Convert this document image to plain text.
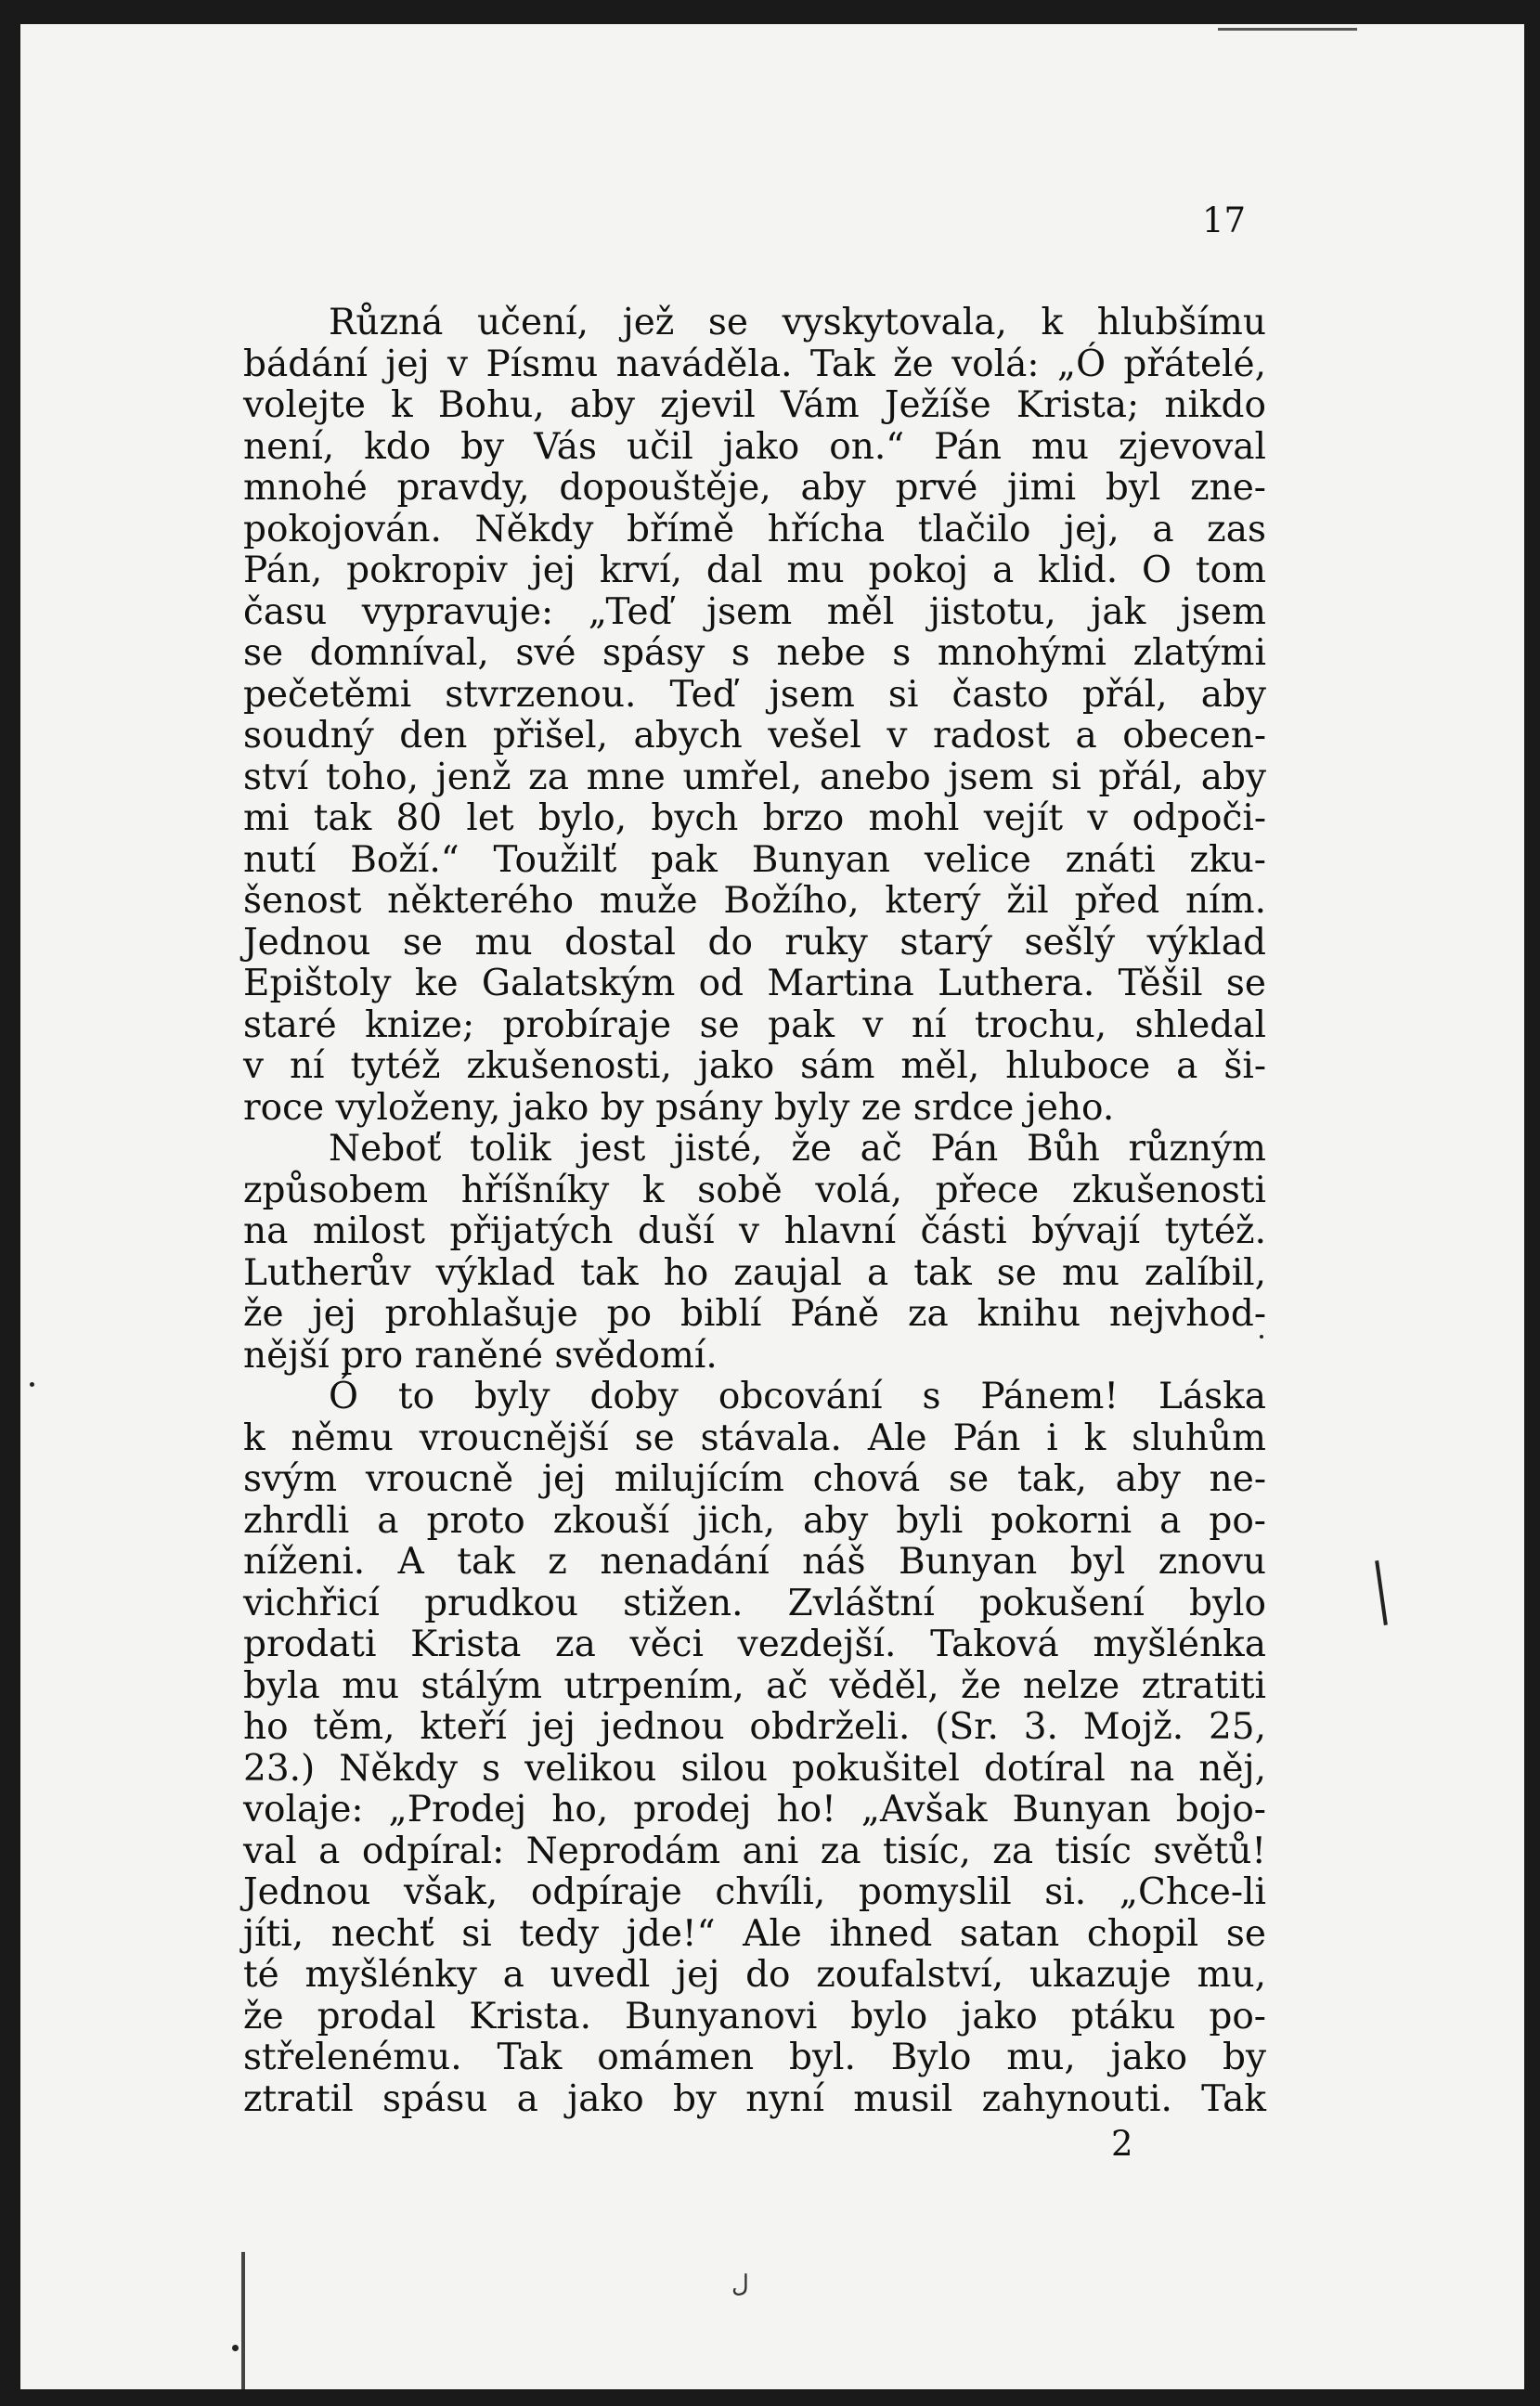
17
Různá učení, jež se vyskytovala, k hlubšímu
bádání jej v Písmu naváděla. Tak že volá: „Ó přátelé,
volejte k Bohu, aby zjevil Vám Ježíše Krista; nikdo
není, kdo by Vás učil jako on.“ Pán mu zjevoval
mnohé pravdy, dopouštěje, aby prvé jimi byl zne-
pokojován. Někdy břímě hřícha tlačilo jej, a zas
Pán, pokropiv jej krví, dal mu pokoj a klid. O tom
času vypravuje: „Teď jsem měl jistotu, jak jsem
se domníval, své spásy s nebe s mnohými zlatými
pečetěmi stvrzenou. Teď jsem si často přál, aby
soudný den přišel, abych vešel v radost a obecen-
ství toho, jenž za mne umřel, anebo jsem si přál, aby
mi tak 80 let bylo, bych brzo mohl vejít v odpoči-
nutí Boží.“ Toužilť pak Bunyan velice znáti zku-
šenost některého muže Božího, který žil před ním.
Jednou se mu dostal do ruky starý sešlý výklad
Epištoly ke Galatským od Martina Luthera. Těšil se
staré knize; probíraje se pak v ní trochu, shledal
v ní tytéž zkušenosti, jako sám měl, hluboce a ši-
roce vyloženy, jako by psány byly ze srdce jeho.
Neboť tolik jest jisté, že ač Pán Bůh různým
způsobem hříšníky k sobě volá, přece zkušenosti
na milost přijatých duší v hlavní části bývají tytéž.
Lutherův výklad tak ho zaujal a tak se mu zalíbil,
že jej prohlašuje po biblí Páně za knihu nejvhod-
nější pro raněné svědomí.
Ó to byly doby obcování s Pánem! Láska
k němu vroucnější se stávala. Ale Pán i k sluhům
svým vroucně jej milujícím chová se tak, aby ne-
zhrdli a proto zkouší jich, aby byli pokorni a po-
níženi. A tak z nenadání náš Bunyan byl znovu
vichřicí prudkou stižen. Zvláštní pokušení bylo
prodati Krista za věci vezdejší. Taková myšlénka
byla mu stálým utrpením, ač věděl, že nelze ztratiti
ho těm, kteří jej jednou obdrželi. (Sr. 3. Mojž. 25,
23.) Někdy s velikou silou pokušitel dotíral na něj,
volaje: „Prodej ho, prodej ho! „Avšak Bunyan bojo-
val a odpíral: Neprodám ani za tisíc, za tisíc světů!
Jednou však, odpíraje chvíli, pomyslil si. „Chce-li
jíti, nechť si tedy jde!“ Ale ihned satan chopil se
té myšlénky a uvedl jej do zoufalství, ukazuje mu,
že prodal Krista. Bunyanovi bylo jako ptáku po-
střelenému. Tak omámen byl. Bylo mu, jako by
ztratil spásu a jako by nyní musil zahynouti. Tak
2
ل
